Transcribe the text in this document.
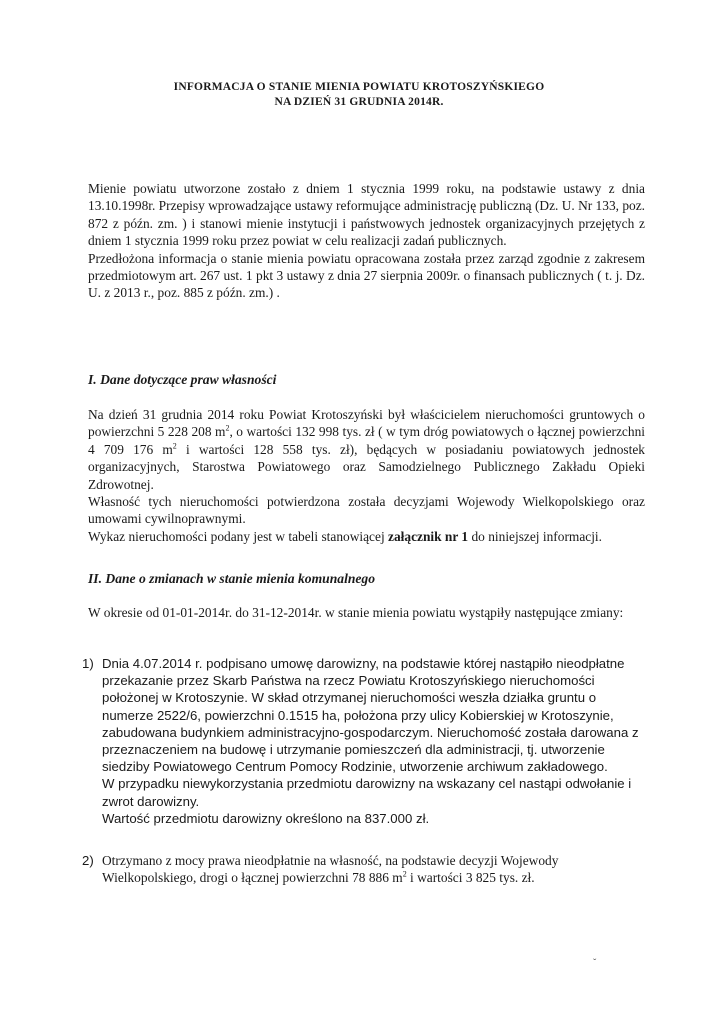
INFORMACJA O STANIE MIENIA POWIATU KROTOSZYŃSKIEGO
NA DZIEŃ 31 GRUDNIA 2014R.

Mienie powiatu utworzone zostało z dniem 1 stycznia 1999 roku, na podstawie ustawy z dnia 13.10.1998r. Przepisy wprowadzające ustawy reformujące administrację publiczną (Dz. U. Nr 133, poz. 872 z późn. zm. ) i stanowi mienie instytucji i państwowych jednostek organizacyjnych przejętych z dniem 1 stycznia 1999 roku przez powiat w celu realizacji zadań publicznych.

Przedłożona informacja o stanie mienia powiatu opracowana została przez zarząd zgodnie z zakresem przedmiotowym art. 267 ust. 1 pkt 3 ustawy z dnia 27 sierpnia 2009r. o finansach publicznych ( t. j. Dz. U. z 2013 r., poz. 885 z późn. zm.) .

I. Dane dotyczące praw własności

Na dzień 31 grudnia 2014 roku Powiat Krotoszyński był właścicielem nieruchomości gruntowych o powierzchni 5 228 208 $m^2$, o wartości 132 998 tys. zł ( w tym dróg powiatowych o łącznej powierzchni 4 709 176 $m^2$ i wartości 128 558 tys. zł), będących w posiadaniu powiatowych jednostek organizacyjnych, Starostwa Powiatowego oraz Samodzielnego Publicznego Zakładu Opieki Zdrowotnej.

Własność tych nieruchomości potwierdzona została decyzjami Wojewody Wielkopolskiego oraz umowami cywilnoprawnymi.

Wykaz nieruchomości podany jest w tabeli stanowiącej załącznik nr 1 do niniejszej informacji.

II. Dane o zmianach w stanie mienia komunalnego
W okresie od 01-01-2014r. do 31-12-2014r. w stanie mienia powiatu wystąpiły następujące zmiany:
1) Dnia 4.07.2014 r. podpisano umowę darowizny, na podstawie której nastąpiło nieodpłatne przekazanie przez Skarb Państwa na rzecz Powiatu Krotoszyńskiego nieruchomości położonej w Krotoszynie. W skład otrzymanej nieruchomości weszła działka gruntu o numerze 2522/6, powierzchni 0.1515 ha, położona przy ulicy Kobierskiej w Krotoszynie, zabudowana budynkiem administracyjno-gospodarczym. Nieruchomość została darowana z przeznaczeniem na budowę i utrzymanie pomieszczeń dla administracji, tj. utworzenie siedziby Powiatowego Centrum Pomocy Rodzinie, utworzenie archiwum zakładowego.

W przypadku niewykorzystania przedmiotu darowizny na wskazany cel nastąpi odwołanie i zwrot darowizny.

Wartość przedmiotu darowizny określono na 837.000 zł.

2) Otrzymano z mocy prawa nieodpłatnie na własność, na podstawie decyzji Wojewody Wielkopolskiego, drogi o łącznej powierzchni 78 886 $m^2$ i wartości 3 825 tys. zł.

ˇ
